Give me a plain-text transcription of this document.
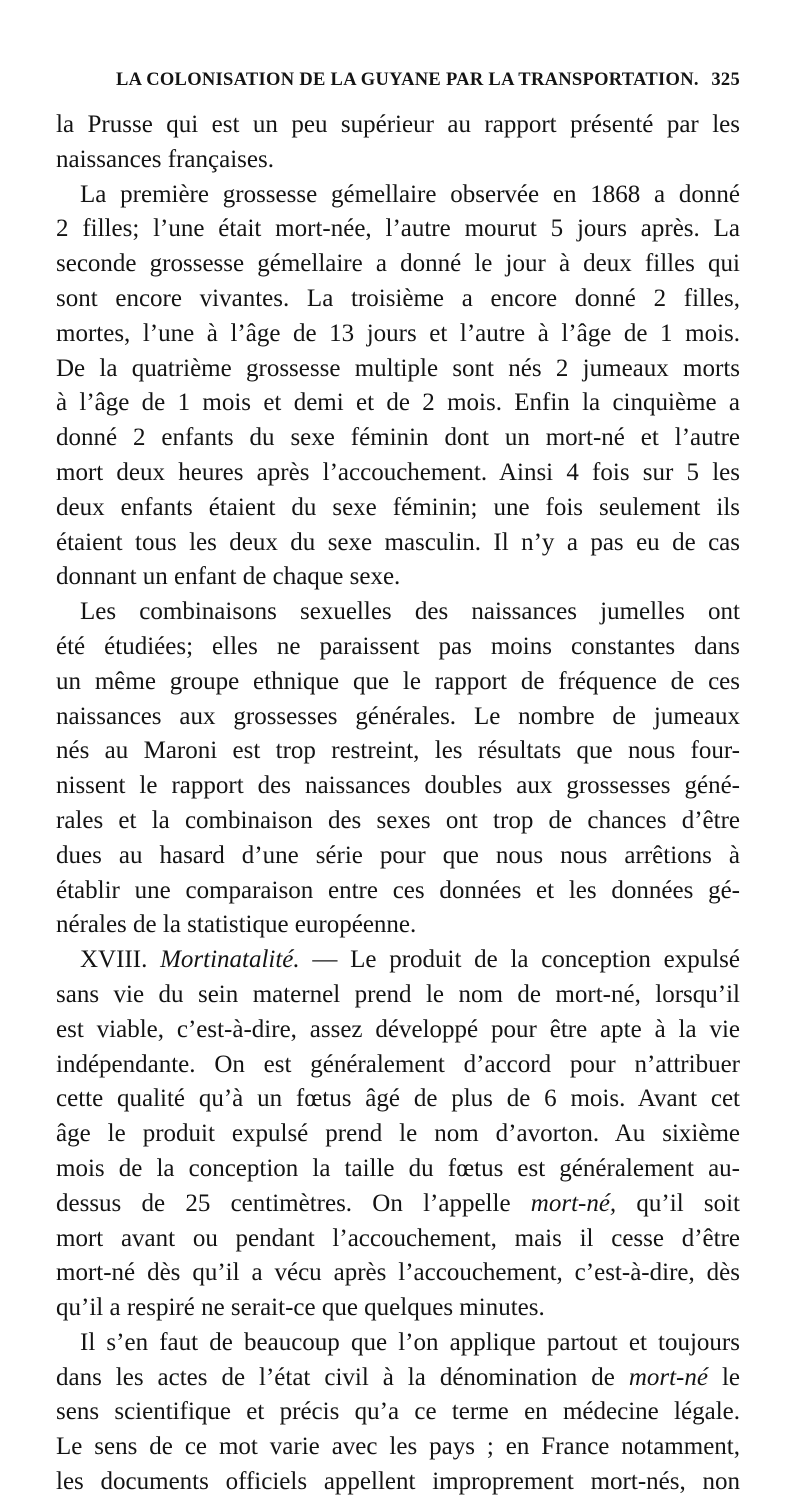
LA COLONISATION DE LA GUYANE PAR LA TRANSPORTATION. 325
la Prusse qui est un peu supérieur au rapport présenté par les
naissances françaises.
La première grossesse gémellaire observée en 1868 a donné
2 filles; l’une était mort-née, l’autre mourut 5 jours après. La
seconde grossesse gémellaire a donné le jour à deux filles qui
sont encore vivantes. La troisième a encore donné 2 filles,
mortes, l’une à l’âge de 13 jours et l’autre à l’âge de 1 mois.
De la quatrième grossesse multiple sont nés 2 jumeaux morts
à l’âge de 1 mois et demi et de 2 mois. Enfin la cinquième a
donné 2 enfants du sexe féminin dont un mort-né et l’autre
mort deux heures après l’accouchement. Ainsi 4 fois sur 5 les
deux enfants étaient du sexe féminin; une fois seulement ils
étaient tous les deux du sexe masculin. Il n’y a pas eu de cas
donnant un enfant de chaque sexe.
Les combinaisons sexuelles des naissances jumelles ont
été étudiées; elles ne paraissent pas moins constantes dans
un même groupe ethnique que le rapport de fréquence de ces
naissances aux grossesses générales. Le nombre de jumeaux
nés au Maroni est trop restreint, les résultats que nous four-
nissent le rapport des naissances doubles aux grossesses géné-
rales et la combinaison des sexes ont trop de chances d’être
dues au hasard d’une série pour que nous nous arrêtions à
établir une comparaison entre ces données et les données gé-
nérales de la statistique européenne.
XVIII. Mortinatalité. — Le produit de la conception expulsé
sans vie du sein maternel prend le nom de mort-né, lorsqu’il
est viable, c’est-à-dire, assez développé pour être apte à la vie
indépendante. On est généralement d’accord pour n’attribuer
cette qualité qu’à un fœtus âgé de plus de 6 mois. Avant cet
âge le produit expulsé prend le nom d’avorton. Au sixième
mois de la conception la taille du fœtus est généralement au-
dessus de 25 centimètres. On l’appelle mort-né, qu’il soit
mort avant ou pendant l’accouchement, mais il cesse d’être
mort-né dès qu’il a vécu après l’accouchement, c’est-à-dire, dès
qu’il a respiré ne serait-ce que quelques minutes.
Il s’en faut de beaucoup que l’on applique partout et toujours
dans les actes de l’état civil à la dénomination de mort-né le
sens scientifique et précis qu’a ce terme en médecine légale.
Le sens de ce mot varie avec les pays ; en France notamment,
les documents officiels appellent improprement mort-nés, non
